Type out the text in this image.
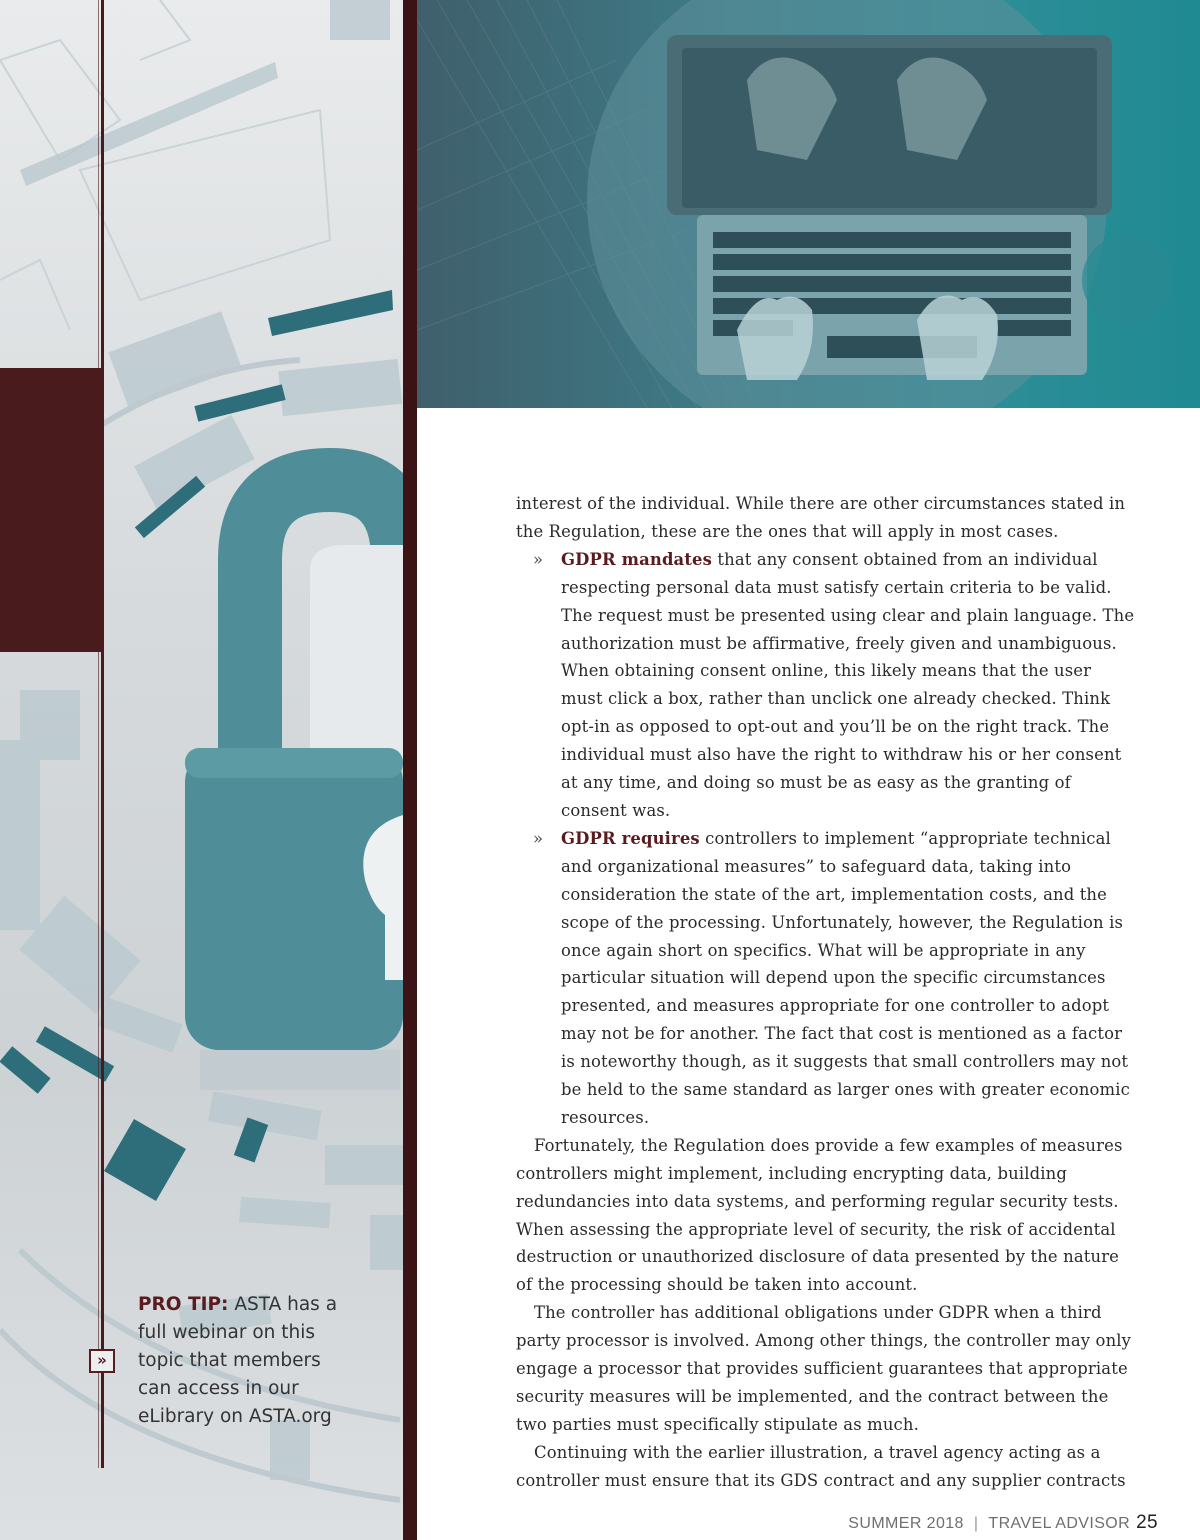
interest of the individual. While there are other circumstances stated in the Regulation, these are the ones that will apply in most cases.

» GDPR mandates that any consent obtained from an individual respecting personal data must satisfy certain criteria to be valid. The request must be presented using clear and plain language. The authorization must be affirmative, freely given and unambiguous. When obtaining consent online, this likely means that the user must click a box, rather than unclick one already checked. Think opt-in as opposed to opt-out and you’ll be on the right track. The individual must also have the right to withdraw his or her consent at any time, and doing so must be as easy as the granting of consent was.

» GDPR requires controllers to implement “appropriate technical and organizational measures” to safeguard data, taking into consideration the state of the art, implementation costs, and the scope of the processing. Unfortunately, however, the Regulation is once again short on specifics. What will be appropriate in any particular situation will depend upon the specific circumstances presented, and measures appropriate for one controller to adopt may not be for another. The fact that cost is mentioned as a factor is noteworthy though, as it suggests that small controllers may not be held to the same standard as larger ones with greater economic resources.

Fortunately, the Regulation does provide a few examples of measures controllers might implement, including encrypting data, building redundancies into data systems, and performing regular security tests. When assessing the appropriate level of security, the risk of accidental destruction or unauthorized disclosure of data presented by the nature of the processing should be taken into account.

The controller has additional obligations under GDPR when a third party processor is involved. Among other things, the controller may only engage a processor that provides sufficient guarantees that appropriate security measures will be implemented, and the contract between the two parties must specifically stipulate as much.

Continuing with the earlier illustration, a travel agency acting as a controller must ensure that its GDS contract and any supplier contracts

»
PRO TIP: ASTA has a full webinar on this topic that members can access in our eLibrary on ASTA.org
SUMMER 2018 | TRAVEL ADVISOR 25
